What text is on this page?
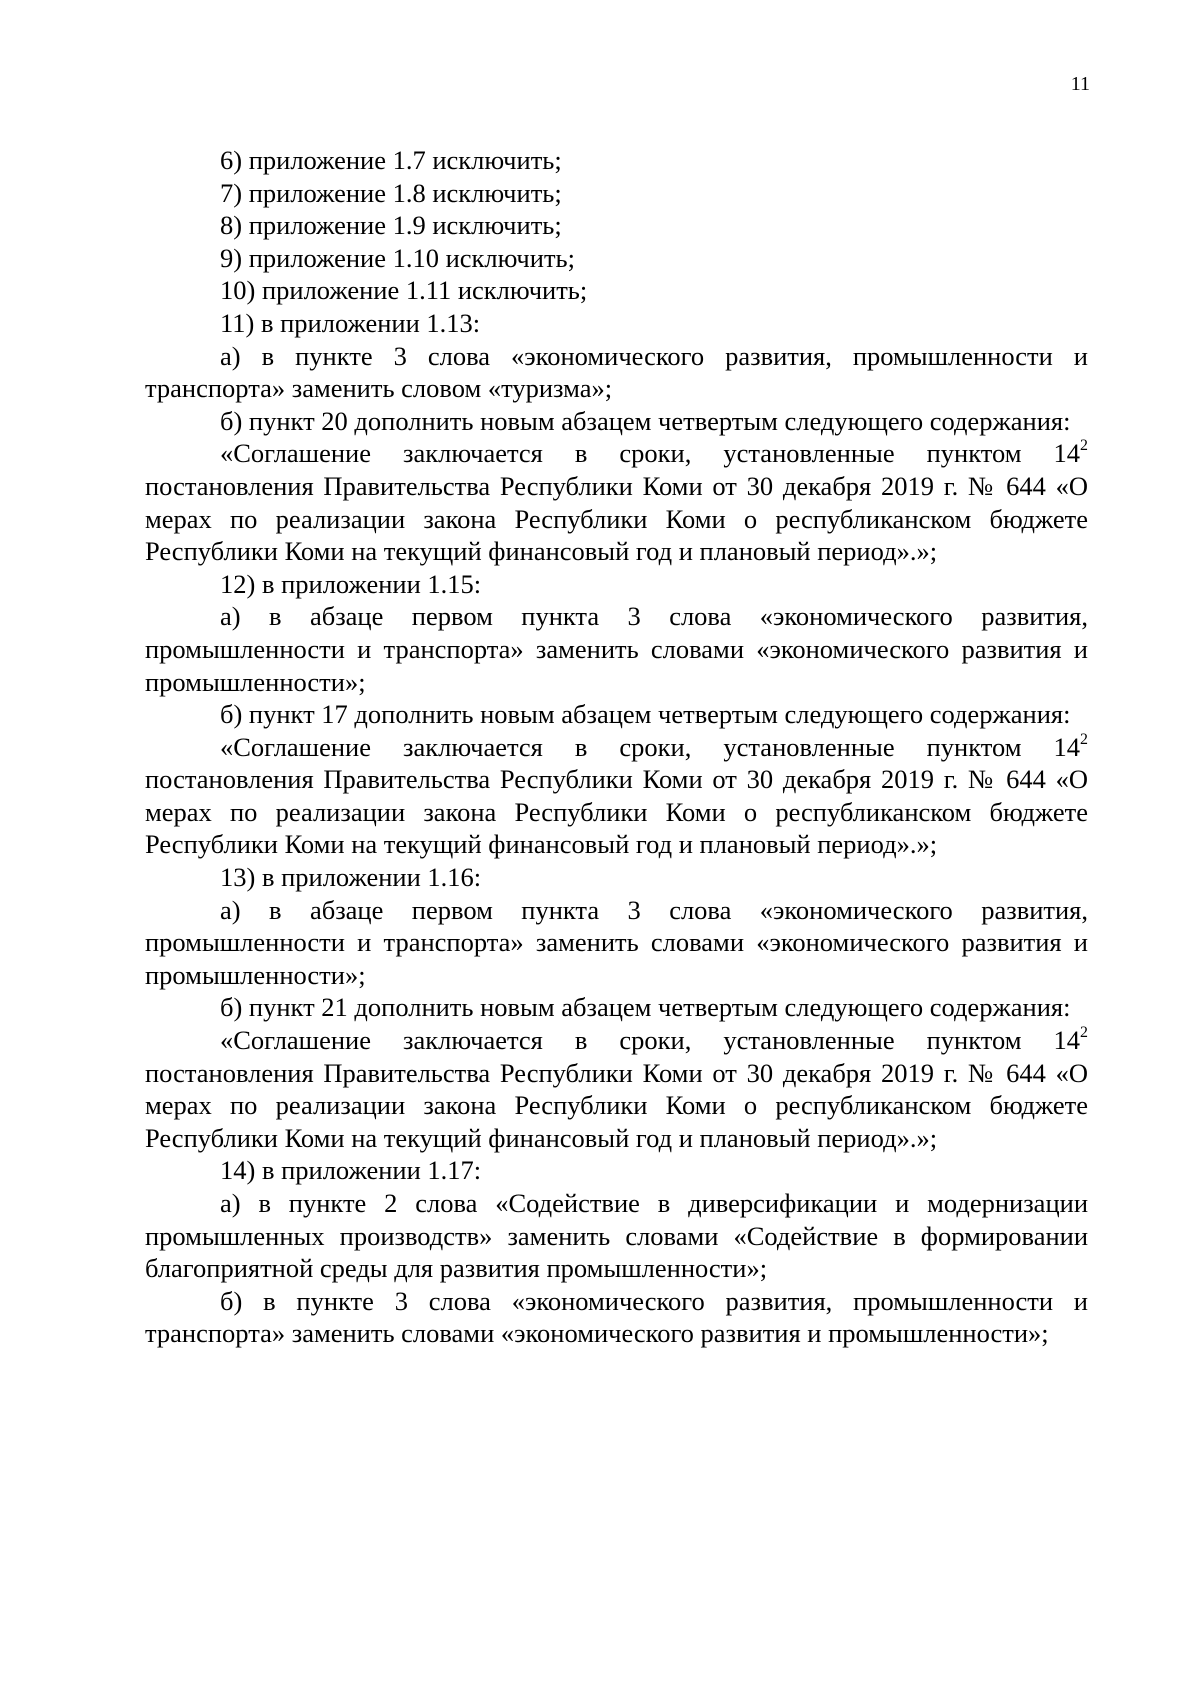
11

6) приложение 1.7 исключить;

7) приложение 1.8 исключить;

8) приложение 1.9 исключить;

9) приложение 1.10 исключить;

10) приложение 1.11 исключить;

11) в приложении 1.13:

а) в пункте 3 слова «экономического развития, промышленности и транспорта» заменить словом «туризма»;

б) пункт 20 дополнить новым абзацем четвертым следующего содержания:

«Соглашение заключается в сроки, установленные пунктом $14^2$ постановления Правительства Республики Коми от 30 декабря 2019 г. № 644 «О мерах по реализации закона Республики Коми о республиканском бюджете Республики Коми на текущий финансовый год и плановый период».»;

12) в приложении 1.15:

а) в абзаце первом пункта 3 слова «экономического развития, промышленности и транспорта» заменить словами «экономического развития и промышленности»;

б) пункт 17 дополнить новым абзацем четвертым следующего содержания:

«Соглашение заключается в сроки, установленные пунктом $14^2$ постановления Правительства Республики Коми от 30 декабря 2019 г. № 644 «О мерах по реализации закона Республики Коми о республиканском бюджете Республики Коми на текущий финансовый год и плановый период».»;

13) в приложении 1.16:

а) в абзаце первом пункта 3 слова «экономического развития, промышленности и транспорта» заменить словами «экономического развития и промышленности»;

б) пункт 21 дополнить новым абзацем четвертым следующего содержания:

«Соглашение заключается в сроки, установленные пунктом $14^2$ постановления Правительства Республики Коми от 30 декабря 2019 г. № 644 «О мерах по реализации закона Республики Коми о республиканском бюджете Республики Коми на текущий финансовый год и плановый период».»;

14) в приложении 1.17:

а) в пункте 2 слова «Содействие в диверсификации и модернизации промышленных производств» заменить словами «Содействие в формировании благоприятной среды для развития промышленности»;

б) в пункте 3 слова «экономического развития, промышленности и транспорта» заменить словами «экономического развития и промышленности»;
